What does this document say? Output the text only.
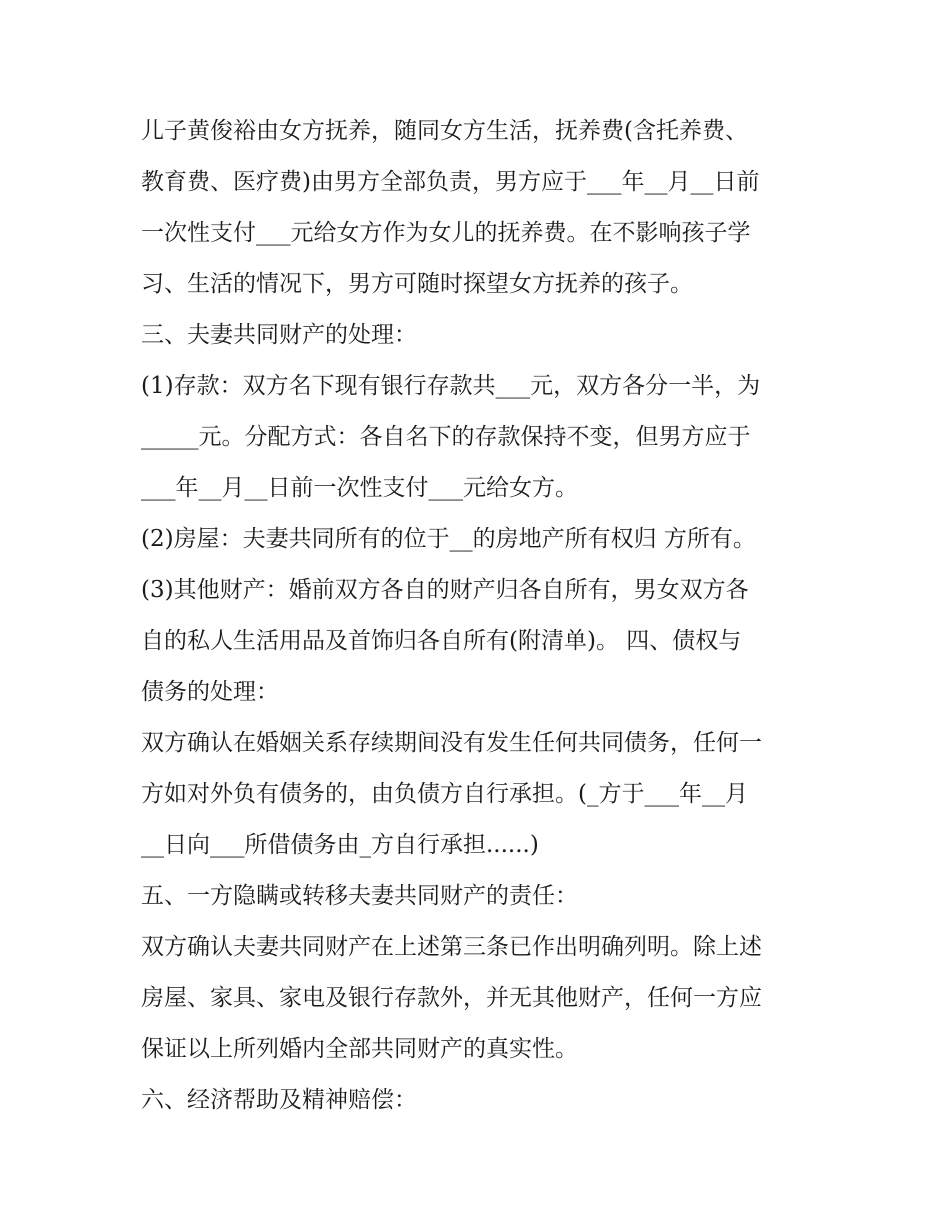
儿子黄俊裕由女方抚养，随同女方生活，抚养费(含托养费、
教育费、医疗费)由男方全部负责，男方应于___年__月__日前
一次性支付___元给女方作为女儿的抚养费。在不影响孩子学
习、生活的情况下，男方可随时探望女方抚养的孩子。
三、夫妻共同财产的处理：
(1)存款：双方名下现有银行存款共___元，双方各分一半，为
_____元。分配方式：各自名下的存款保持不变，但男方应于
___年__月__日前一次性支付___元给女方。
(2)房屋：夫妻共同所有的位于__的房地产所有权归 方所有。
(3)其他财产：婚前双方各自的财产归各自所有，男女双方各
自的私人生活用品及首饰归各自所有(附清单)。 四、债权与
债务的处理：
双方确认在婚姻关系存续期间没有发生任何共同债务，任何一
方如对外负有债务的，由负债方自行承担。(_方于___年__月
__日向___所借债务由_方自行承担......)
五、一方隐瞒或转移夫妻共同财产的责任：
双方确认夫妻共同财产在上述第三条已作出明确列明。除上述
房屋、家具、家电及银行存款外，并无其他财产，任何一方应
保证以上所列婚内全部共同财产的真实性。
六、经济帮助及精神赔偿：
